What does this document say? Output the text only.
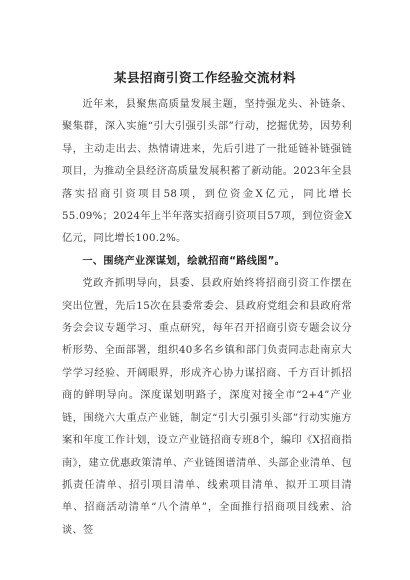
某县招商引资工作经验交流材料

近年来，县聚焦高质量发展主题，坚持强龙头、补链条、聚集群，深入实施“引大引强引头部”行动，挖掘优势，因势利导，主动走出去、热情请进来，先后引进了一批延链补链强链项目，为推动全县经济高质量发展积蓄了新动能。2023年全县落实招商引资项目58项，到位资金X亿元，同比增长55.09%；2024年上半年落实招商引资项目57项，到位资金X亿元，同比增长100.2%。

一、围绕产业深谋划，绘就招商“路线图”。

党政齐抓明导向，县委、县政府始终将招商引资工作摆在突出位置，先后15次在县委常委会、县政府党组会和县政府常务会会议专题学习、重点研究，每年召开招商引资专题会议分析形势、全面部署，组织40多名乡镇和部门负责同志赴南京大学学习经验、开阔眼界，形成齐心协力谋招商、千方百计抓招商的鲜明导向。深度谋划明路子，深度对接全市“2+4”产业链，围绕六大重点产业链，制定“引大引强引头部”行动实施方案和年度工作计划，设立产业链招商专班8个，编印《X招商指南》，建立优惠政策清单、产业链图谱清单、头部企业清单、包抓责任清单、招引项目清单、线索项目清单、拟开工项目清单、招商活动清单“八个清单”，全面推行招商项目线索、洽谈、签
